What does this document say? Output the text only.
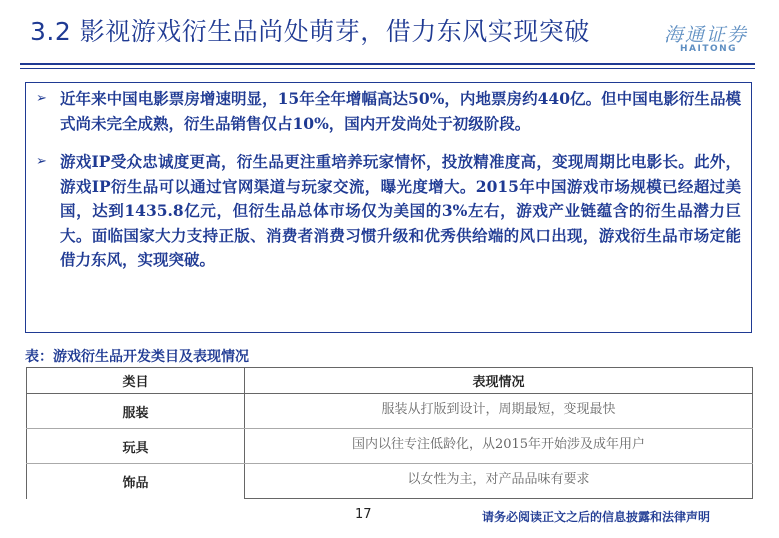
3.2 影视游戏衍生品尚处萌芽，借力东风实现突破	海通证券
HAITONG
➢ 近年来中国电影票房增速明显，15年全年增幅高达50%，内地票房约440亿。但中国电影衍生品模式尚未完全成熟，衍生品销售仅占10%，国内开发尚处于初级阶段。
➢ 游戏IP受众忠诚度更高，衍生品更注重培养玩家情怀，投放精准度高，变现周期比电影长。此外，游戏IP衍生品可以通过官网渠道与玩家交流，曝光度增大。2015年中国游戏市场规模已经超过美国，达到1435.8亿元，但衍生品总体市场仅为美国的3%左右，游戏产业链蕴含的衍生品潜力巨大。面临国家大力支持正版、消费者消费习惯升级和优秀供给端的风口出现，游戏衍生品市场定能借力东风，实现突破。
表：游戏衍生品开发类目及表现情况
类目	表现情况
服装	服装从打版到设计，周期最短，变现最快
玩具	国内以往专注低龄化，从2015年开始涉及成年用户
饰品	以女性为主，对产品品味有要求
17	请务必阅读正文之后的信息披露和法律声明
